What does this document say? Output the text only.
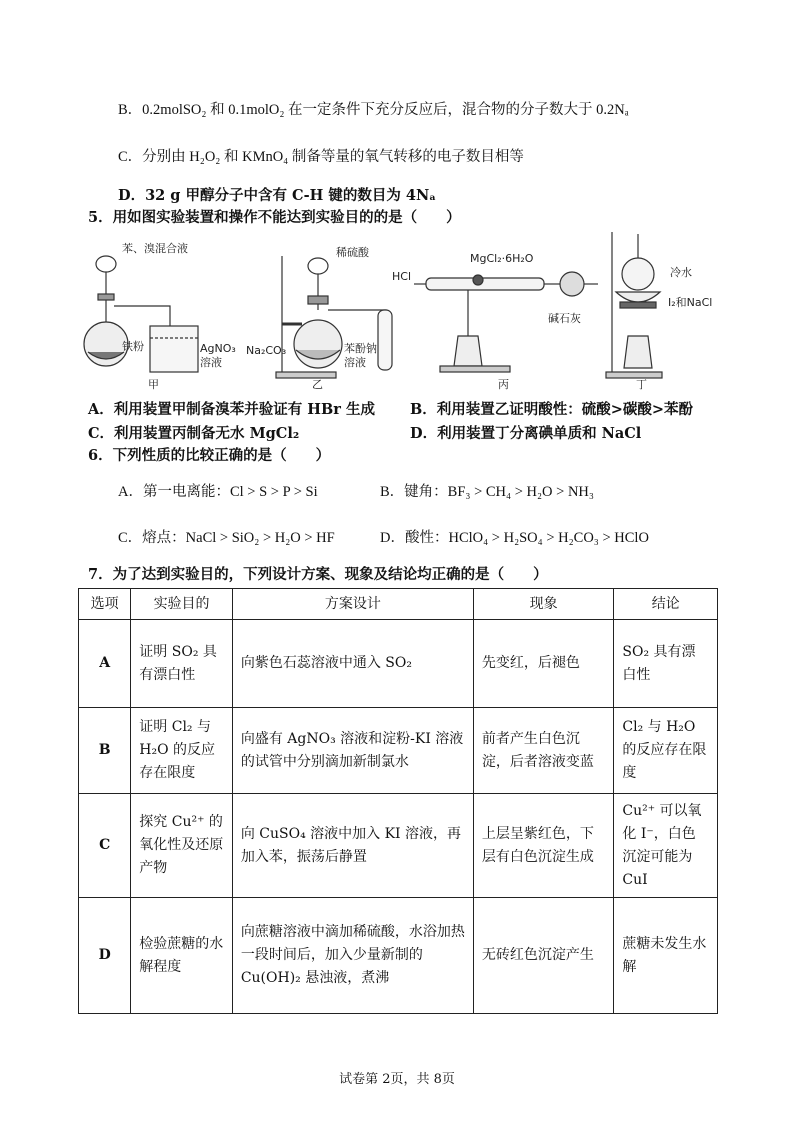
B．0.2molSO₂ 和 0.1molO₂ 在一定条件下充分反应后，混合物的分子数大于 0.2Nₐ
C．分别由 H₂O₂ 和 KMnO₄ 制备等量的氧气转移的电子数目相等
D．32 g 甲醇分子中含有 C-H 键的数目为 4Nₐ
5．用如图实验装置和操作不能达到实验目的的是（　　）
苯、溴混合液
铁粉	AgNO₃
溶液
甲
稀硫酸
Na₂CO₃	苯酚钠
溶液
乙
HCl
MgCl₂·6H₂O
碱石灰
丙
冷水
I₂和NaCl
丁
A．利用装置甲制备溴苯并验证有 HBr 生成 B．利用装置乙证明酸性：硫酸>碳酸>苯酚
C．利用装置丙制备无水 MgCl₂	D．利用装置丁分离碘单质和 NaCl
6．下列性质的比较正确的是（　　）
A．第一电离能：Cl > S > P > Si	B．键角：BF₃ > CH₄ > H₂O > NH₃
C．熔点：NaCl > SiO₂ > H₂O > HF	D．酸性：HClO₄ > H₂SO₄ > H₂CO₃ > HClO
7．为了达到实验目的，下列设计方案、现象及结论均正确的是（　　）
选项	实验目的	方案设计	现象	结论
A	证明 SO₂ 具有漂白性	向紫色石蕊溶液中通入 SO₂	先变红，后褪色	SO₂ 具有漂白性
B	证明 Cl₂ 与 H₂O 的反应存在限度	向盛有 AgNO₃ 溶液和淀粉-KI 溶液的试管中分别滴加新制氯水	前者产生白色沉淀，后者溶液变蓝	Cl₂ 与 H₂O 的反应存在限度
C	探究 Cu²⁺ 的氧化性及还原产物	向 CuSO₄ 溶液中加入 KI 溶液，再加入苯，振荡后静置	上层呈紫红色，下层有白色沉淀生成	Cu²⁺ 可以氧化 I⁻，白色沉淀可能为 CuI
D	检验蔗糖的水解程度	向蔗糖溶液中滴加稀硫酸，水浴加热一段时间后，加入少量新制的 Cu(OH)₂ 悬浊液，煮沸	无砖红色沉淀产生	蔗糖未发生水解
试卷第 2页，共 8页
